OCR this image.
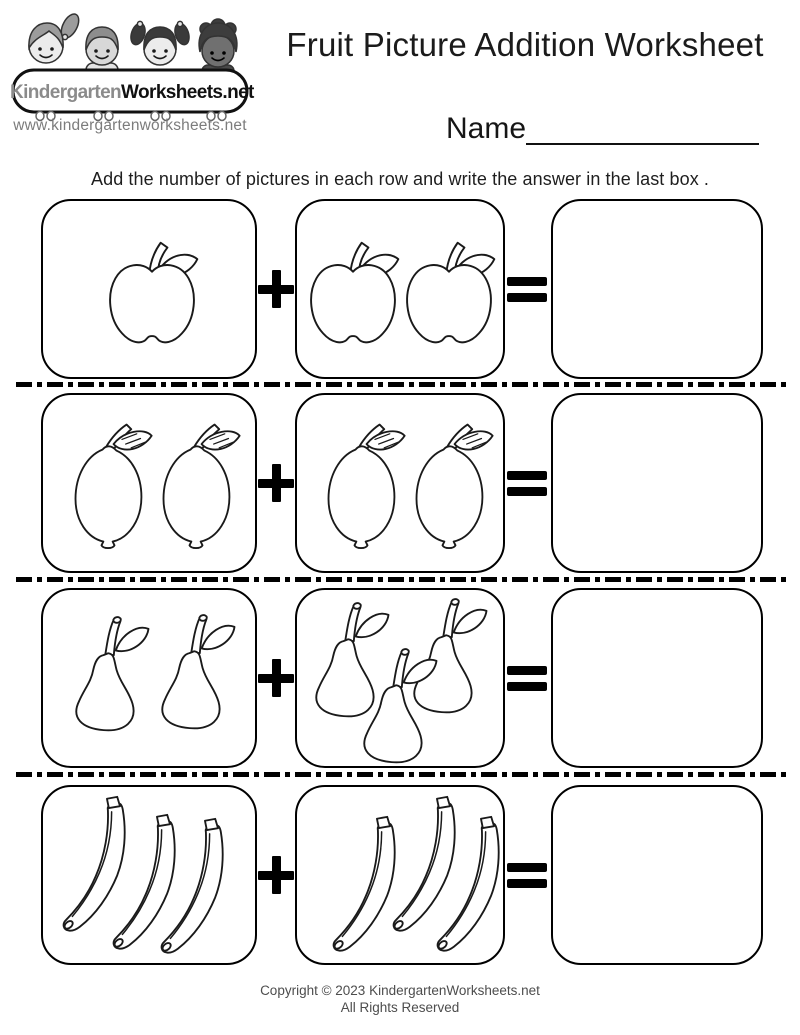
KindergartenWorksheets.net
www.kindergartenworksheets.net
Fruit Picture Addition Worksheet
Name
Add the number of pictures in each row and write the answer in the last box .
Copyright © 2023 KindergartenWorksheets.net
All Rights Reserved
